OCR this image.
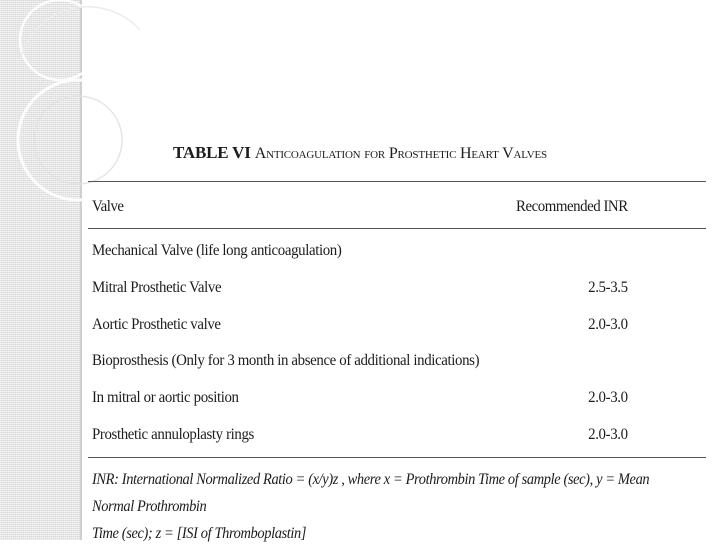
TABLE VI Anticoagulation for Prosthetic Heart Valves
Valve	Recommended INR
Mechanical Valve (life long anticoagulation)
Mitral Prosthetic Valve	2.5-3.5
Aortic Prosthetic valve	2.0-3.0
Bioprosthesis (Only for 3 month in absence of additional indications)
In mitral or aortic position	2.0-3.0
Prosthetic annuloplasty rings	2.0-3.0
INR: International Normalized Ratio = (x/y)z , where x = Prothrombin Time of sample (sec), y = Mean Normal Prothrombin
Time (sec); z = [ISI of Thromboplastin]
